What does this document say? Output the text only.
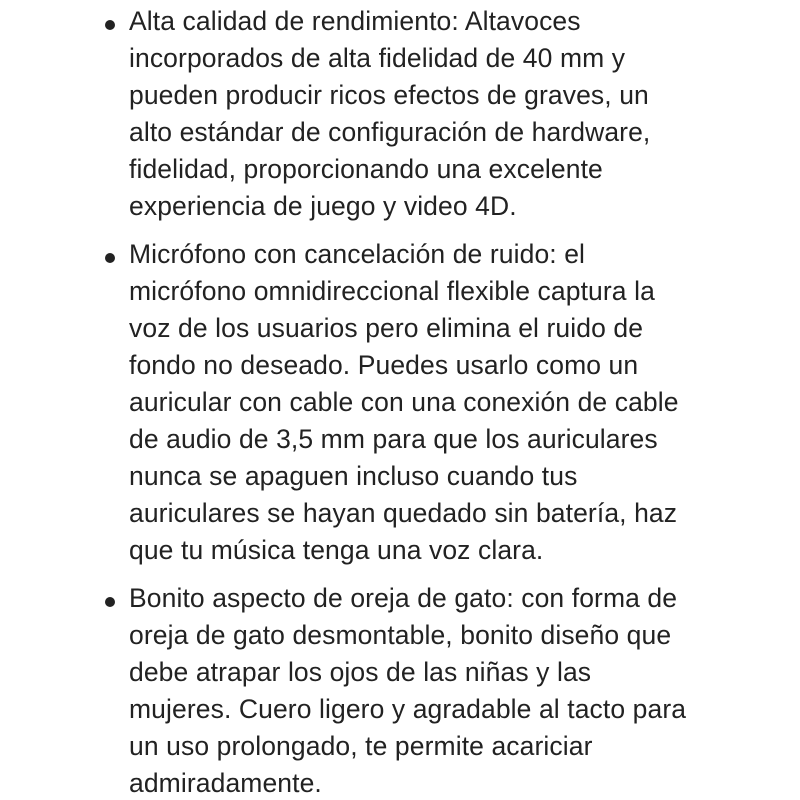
Alta calidad de rendimiento: Altavoces
incorporados de alta fidelidad de 40 mm y
pueden producir ricos efectos de graves, un
alto estándar de configuración de hardware,
fidelidad, proporcionando una excelente
experiencia de juego y video 4D.

Micrófono con cancelación de ruido: el
micrófono omnidireccional flexible captura la
voz de los usuarios pero elimina el ruido de
fondo no deseado. Puedes usarlo como un
auricular con cable con una conexión de cable
de audio de 3,5 mm para que los auriculares
nunca se apaguen incluso cuando tus
auriculares se hayan quedado sin batería, haz
que tu música tenga una voz clara.

Bonito aspecto de oreja de gato: con forma de
oreja de gato desmontable, bonito diseño que
debe atrapar los ojos de las niñas y las
mujeres. Cuero ligero y agradable al tacto para
un uso prolongado, te permite acariciar
admiradamente.
